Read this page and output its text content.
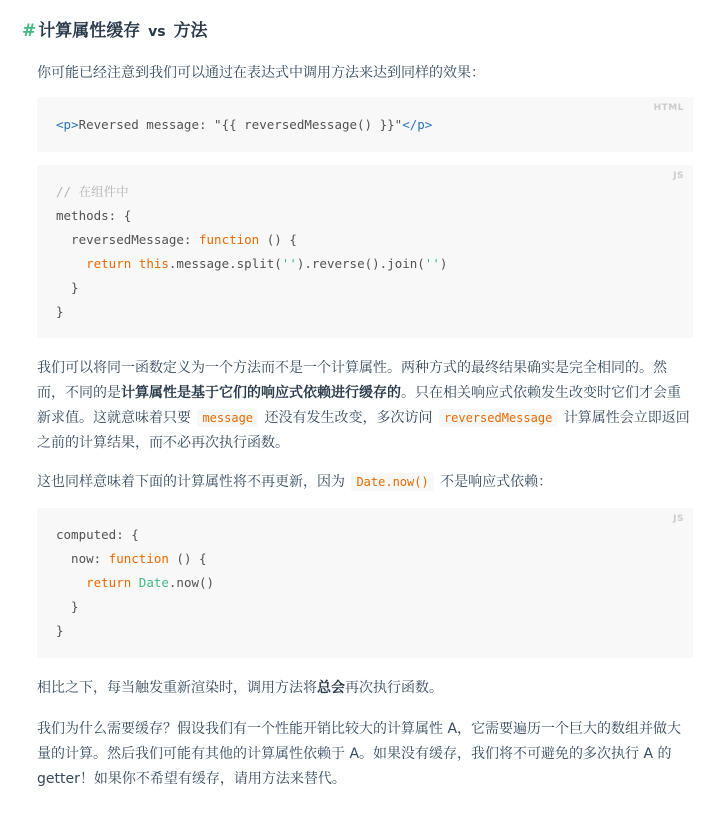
# 计算属性缓存 vs 方法

你可能已经注意到我们可以通过在表达式中调用方法来达到同样的效果：

HTML
<p>Reversed message: "{{ reversedMessage() }}"</p>
JS
// 在组件中
methods: {
reversedMessage: function () {
return this.message.split('').reverse().join('')
}
}

我们可以将同一函数定义为一个方法而不是一个计算属性。两种方式的最终结果确实是完全相同的。然而，不同的是计算属性是基于它们的响应式依赖进行缓存的。只在相关响应式依赖发生改变时它们才会重新求值。这就意味着只要 message 还没有发生改变，多次访问 reversedMessage 计算属性会立即返回之前的计算结果，而不必再次执行函数。

这也同样意味着下面的计算属性将不再更新，因为 Date.now() 不是响应式依赖：

JS
computed: {
now: function () {
return Date.now()
}
}

相比之下，每当触发重新渲染时，调用方法将总会再次执行函数。

我们为什么需要缓存？假设我们有一个性能开销比较大的计算属性 A，它需要遍历一个巨大的数组并做大量的计算。然后我们可能有其他的计算属性依赖于 A。如果没有缓存，我们将不可避免的多次执行 A 的 getter！如果你不希望有缓存，请用方法来替代。
